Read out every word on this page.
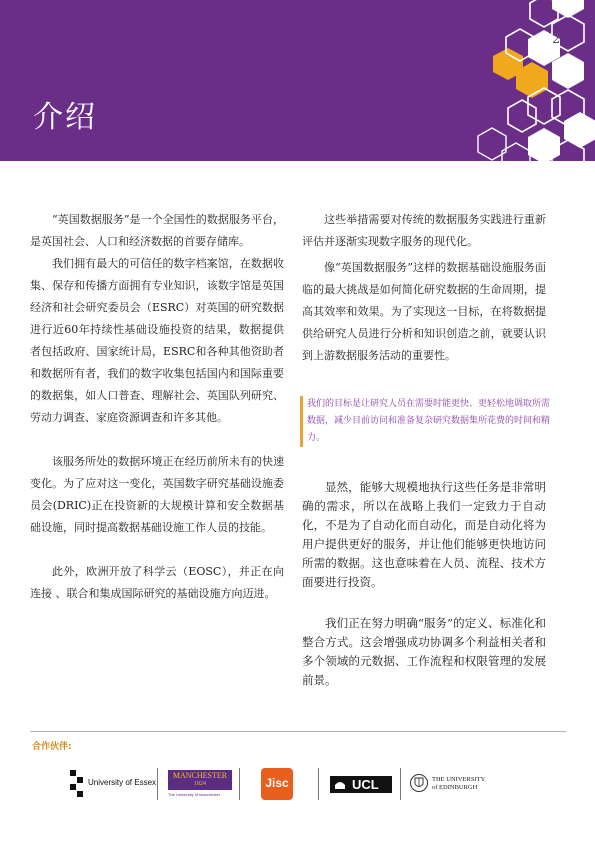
介绍
2

“英国数据服务”是一个全国性的数据服务平台，是英国社会、人口和经济数据的首要存储库。

我们拥有最大的可信任的数字档案馆，在数据收集、保存和传播方面拥有专业知识，该数字馆是英国经济和社会研究委员会（ESRC）对英国的研究数据进行近60年持续性基础设施投资的结果，数据提供者包括政府、国家统计局，ESRC和各种其他资助者和数据所有者，我们的数字收集包括国内和国际重要的数据集，如人口普查、理解社会、英国队列研究、劳动力调查、家庭资源调查和许多其他。

该服务所处的数据环境正在经历前所未有的快速变化。为了应对这一变化，英国数字研究基础设施委员会(DRIC)正在投资新的大规模计算和安全数据基础设施，同时提高数据基础设施工作人员的技能。

此外，欧洲开放了科学云（EOSC），并正在向连接 、联合和集成国际研究的基础设施方向迈进。

这些举措需要对传统的数据服务实践进行重新评估并逐渐实现数字服务的现代化。

像“英国数据服务”这样的数据基础设施服务面临的最大挑战是如何简化研究数据的生命周期，提高其效率和效果。为了实现这一目标，在将数据提供给研究人员进行分析和知识创造之前，就要认识到上游数据服务活动的重要性。

我们的目标是让研究人员在需要时能更快、更轻松地调取所需数据，减少目前访问和准备复杂研究数据集所花费的时间和精力。

显然，能够大规模地执行这些任务是非常明确的需求，所以在战略上我们一定致力于自动化，不是为了自动化而自动化，而是自动化将为用户提供更好的服务，并让他们能够更快地访问所需的数据。这也意味着在人员、流程、技术方面要进行投资。

我们正在努力明确“服务”的定义、标准化和整合方式。这会增强成功协调多个利益相关者和多个领域的元数据、工作流程和权限管理的发展前景。

合作伙伴:
University of Essex
MANCHESTER
1824
The University of Manchester
Jisc	UCL	THE UNIVERSITY
of EDINBURGH
